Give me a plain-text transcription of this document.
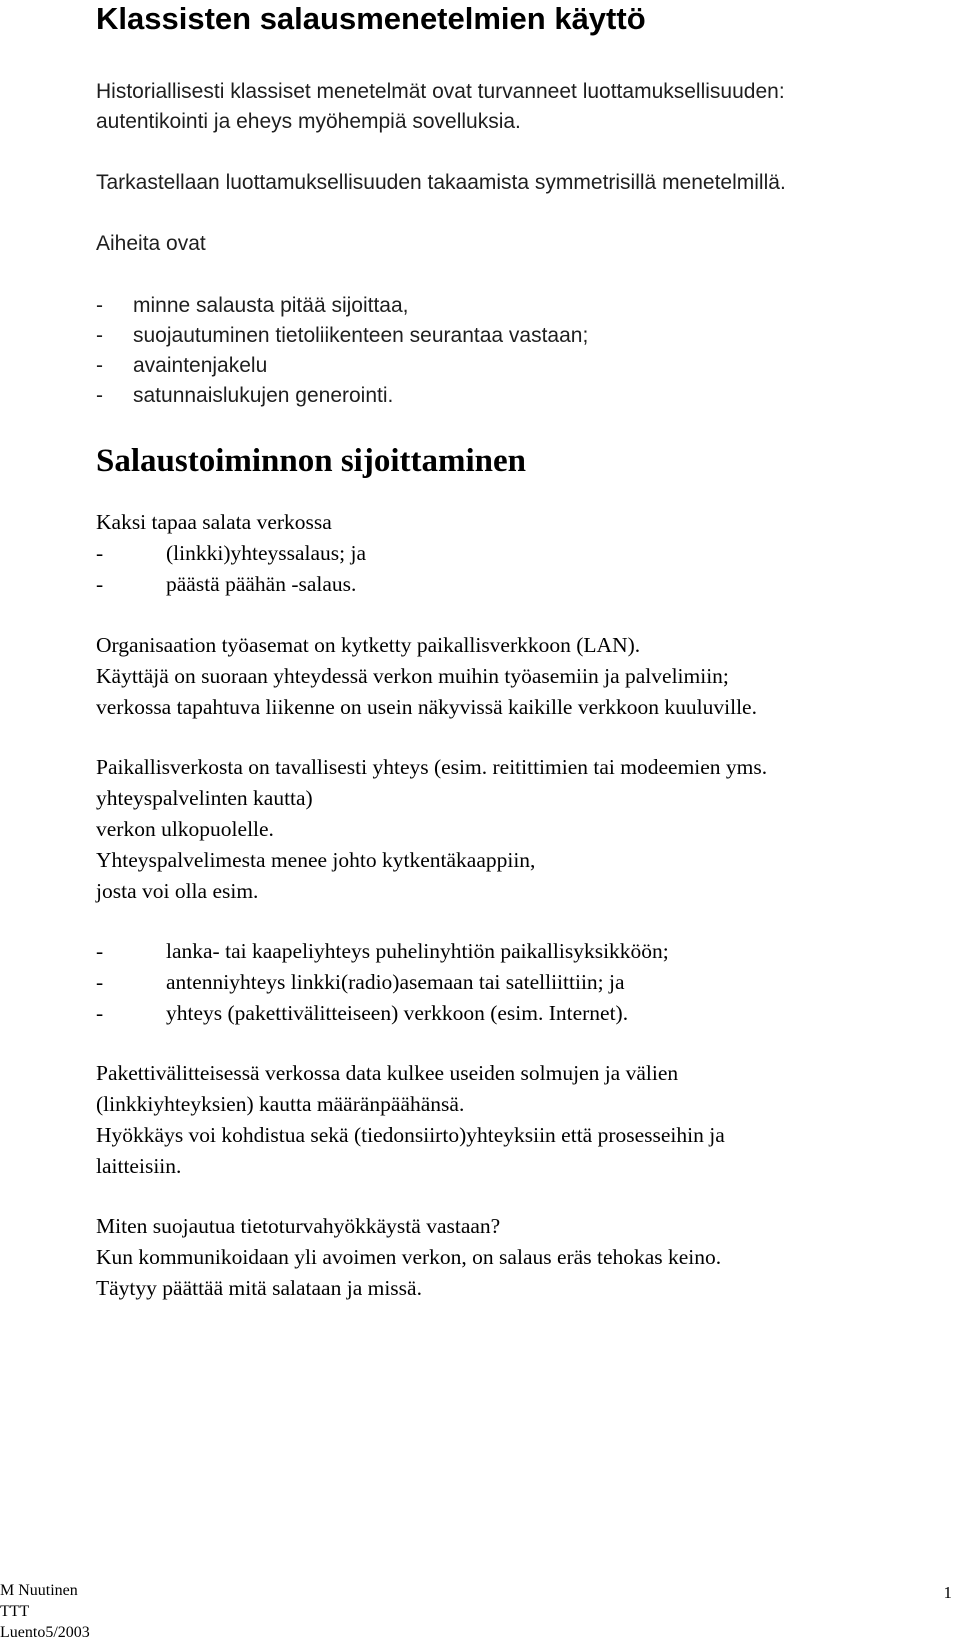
Klassisten salausmenetelmien käyttö
Historiallisesti klassiset menetelmät ovat turvanneet luottamuksellisuuden:
autentikointi ja eheys myöhempiä sovelluksia.
Tarkastellaan luottamuksellisuuden takaamista symmetrisillä menetelmillä.
Aiheita ovat
- minne salausta pitää sijoittaa,
- suojautuminen tietoliikenteen seurantaa vastaan;
- avaintenjakelu
- satunnaislukujen generointi.
Salaustoiminnon sijoittaminen
Kaksi tapaa salata verkossa
-	(linkki)yhteyssalaus; ja
-	päästä päähän -salaus.
Organisaation työasemat on kytketty paikallisverkkoon (LAN).
Käyttäjä on suoraan yhteydessä verkon muihin työasemiin ja palvelimiin;
verkossa tapahtuva liikenne on usein näkyvissä kaikille verkkoon kuuluville.
Paikallisverkosta on tavallisesti yhteys (esim. reitittimien tai modeemien yms.
yhteyspalvelinten kautta)
verkon ulkopuolelle.
Yhteyspalvelimesta menee johto kytkentäkaappiin,
josta voi olla esim.
-	lanka- tai kaapeliyhteys puhelinyhtiön paikallisyksikköön;
-	antenniyhteys linkki(radio)asemaan tai satelliittiin; ja
-	yhteys (pakettivälitteiseen) verkkoon (esim. Internet).
Pakettivälitteisessä verkossa data kulkee useiden solmujen ja välien
(linkkiyhteyksien) kautta määränpäähänsä.
Hyökkäys voi kohdistua sekä (tiedonsiirto)yhteyksiin että prosesseihin ja
laitteisiin.
Miten suojautua tietoturvahyökkäystä vastaan?
Kun kommunikoidaan yli avoimen verkon, on salaus eräs tehokas keino.
Täytyy päättää mitä salataan ja missä.
M Nuutinen
TTT
Luento5/2003
1
